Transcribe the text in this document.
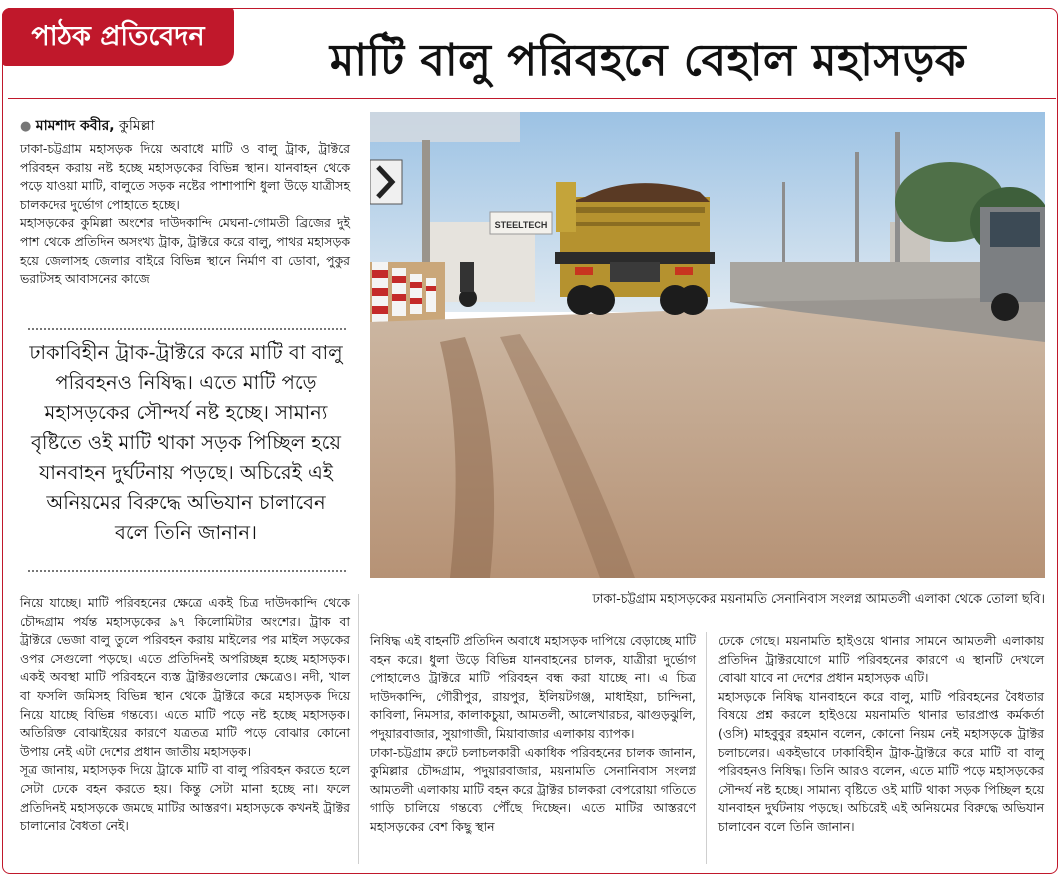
পাঠক প্রতিবেদন	মাটি বালু পরিবহনে বেহাল মহাসড়ক
● মামশাদ কবীর, কুমিল্লা

ঢাকা-চট্টগ্রাম মহাসড়ক দিয়ে অবাধে মাটি ও বালু ট্রাক, ট্রাক্টরে পরিবহন করায় নষ্ট হচ্ছে মহাসড়কের বিভিন্ন স্থান। যানবাহন থেকে পড়ে যাওয়া মাটি, বালুতে সড়ক নষ্টের পাশাপাশি ধুলা উড়ে যাত্রীসহ চালকদের দুর্ভোগ পোহাতে হচ্ছে।

মহাসড়কের কুমিল্লা অংশের দাউদকান্দি মেঘনা-গোমতী ব্রিজের দুই পাশ থেকে প্রতিদিন অসংখ্য ট্রাক, ট্রাক্টরে করে বালু, পাথর মহাসড়ক হয়ে জেলাসহ জেলার বাইরে বিভিন্ন স্থানে নির্মাণ বা ডোবা, পুকুর ভরাটসহ আবাসনের কাজে

ঢাকাবিহীন ট্রাক-ট্রাক্টরে করে মাটি বা বালু পরিবহনও নিষিদ্ধ। এতে মাটি পড়ে মহাসড়কের সৌন্দর্য নষ্ট হচ্ছে। সামান্য বৃষ্টিতে ওই মাটি থাকা সড়ক পিচ্ছিল হয়ে যানবাহন দুর্ঘটনায় পড়ছে। অচিরেই এই অনিয়মের বিরুদ্ধে অভিযান চালাবেন বলে তিনি জানান।
STEELTECH
ঢাকা-চট্টগ্রাম মহাসড়কের ময়নামতি সেনানিবাস সংলগ্ন আমতলী এলাকা থেকে তোলা ছবি।

নিয়ে যাচ্ছে। মাটি পরিবহনের ক্ষেত্রে একই চিত্র দাউদকান্দি থেকে চৌদ্দগ্রাম পর্যন্ত মহাসড়কের ৯৭ কিলোমিটার অংশের। ট্রাক বা ট্রাক্টরে ভেজা বালু তুলে পরিবহন করায় মাইলের পর মাইল সড়কের ওপর সেগুলো পড়ছে। এতে প্রতিদিনই অপরিচ্ছন্ন হচ্ছে মহাসড়ক। একই অবস্থা মাটি পরিবহনে ব্যস্ত ট্রাক্টরগুলোর ক্ষেত্রেও। নদী, খাল বা ফসলি জমিসহ বিভিন্ন স্থান থেকে ট্রাক্টরে করে মহাসড়ক দিয়ে নিয়ে যাচ্ছে বিভিন্ন গন্তব্যে। এতে মাটি পড়ে নষ্ট হচ্ছে মহাসড়ক। অতিরিক্ত বোঝাইয়ের কারণে যত্রতত্র মাটি পড়ে বোঝার কোনো উপায় নেই এটা দেশের প্রধান জাতীয় মহাসড়ক।

সূত্র জানায়, মহাসড়ক দিয়ে ট্রাকে মাটি বা বালু পরিবহন করতে হলে সেটা ঢেকে বহন করতে হয়। কিন্তু সেটা মানা হচ্ছে না। ফলে প্রতিদিনই মহাসড়কে জমছে মাটির আস্তরণ। মহাসড়কে কখনই ট্রাক্টর চালানোর বৈধতা নেই।

নিষিদ্ধ এই বাহনটি প্রতিদিন অবাধে মহাসড়ক দাপিয়ে বেড়াচ্ছে মাটি বহন করে। ধুলা উড়ে বিভিন্ন যানবাহনের চালক, যাত্রীরা দুর্ভোগ পোহালেও ট্রাক্টরে মাটি পরিবহন বন্ধ করা যাচ্ছে না। এ চিত্র দাউদকান্দি, গৌরীপুর, রায়পুর, ইলিয়টগঞ্জ, মাধাইয়া, চান্দিনা, কাবিলা, নিমসার, কালাকচুয়া, আমতলী, আলেখারচর, ঝাগুড়ঝুলি, পদুয়ারবাজার, সুয়াগাজী, মিয়াবাজার এলাকায় ব্যাপক।

ঢাকা-চট্টগ্রাম রুটে চলাচলকারী একাধিক পরিবহনের চালক জানান, কুমিল্লার চৌদ্দগ্রাম, পদুয়ারবাজার, ময়নামতি সেনানিবাস সংলগ্ন আমতলী এলাকায় মাটি বহন করে ট্রাক্টর চালকরা বেপরোয়া গতিতে গাড়ি চালিয়ে গন্তব্যে পৌঁছে দিচ্ছেন। এতে মাটির আস্তরণে মহাসড়কের বেশ কিছু স্থান

ঢেকে গেছে। ময়নামতি হাইওয়ে থানার সামনে আমতলী এলাকায় প্রতিদিন ট্রাক্টরযোগে মাটি পরিবহনের কারণে এ স্থানটি দেখলে বোঝা যাবে না দেশের প্রধান মহাসড়ক এটি।

মহাসড়কে নিষিদ্ধ যানবাহনে করে বালু, মাটি পরিবহনের বৈধতার বিষয়ে প্রশ্ন করলে হাইওয়ে ময়নামতি থানার ভারপ্রাপ্ত কর্মকর্তা (ওসি) মাহবুবুর রহমান বলেন, কোনো নিয়ম নেই মহাসড়কে ট্রাক্টর চলাচলের। একইভাবে ঢাকাবিহীন ট্রাক-ট্রাক্টরে করে মাটি বা বালু পরিবহনও নিষিদ্ধ। তিনি আরও বলেন, এতে মাটি পড়ে মহাসড়কের সৌন্দর্য নষ্ট হচ্ছে। সামান্য বৃষ্টিতে ওই মাটি থাকা সড়ক পিচ্ছিল হয়ে যানবাহন দুর্ঘটনায় পড়ছে। অচিরেই এই অনিয়মের বিরুদ্ধে অভিযান চালাবেন বলে তিনি জানান।
